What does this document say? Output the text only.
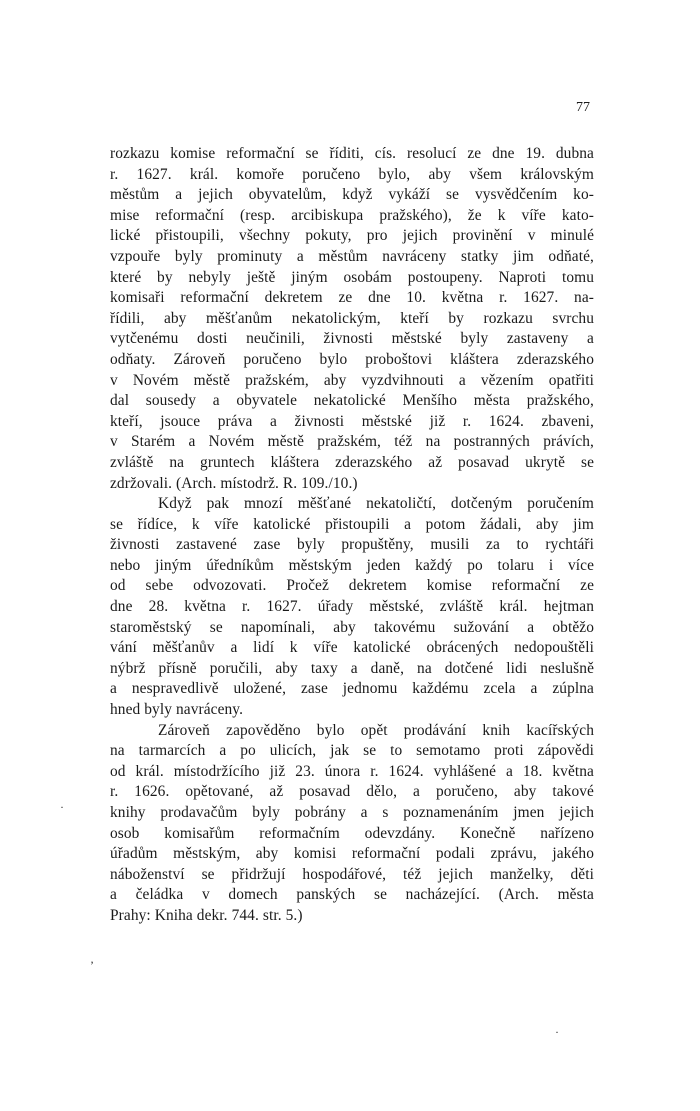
77
rozkazu komise reformační se říditi, cís. resolucí ze dne 19. dubna
r. 1627. král. komoře poručeno bylo, aby všem královským
městům a jejich obyvatelům, když vykáží se vysvědčením ko-
mise reformační (resp. arcibiskupa pražského), že k víře kato-
lické přistoupili, všechny pokuty, pro jejich provinění v minulé
vzpouře byly prominuty a městům navráceny statky jim odňaté,
které by nebyly ještě jiným osobám postoupeny. Naproti tomu
komisaři reformační dekretem ze dne 10. května r. 1627. na-
řídili, aby měšťanům nekatolickým, kteří by rozkazu svrchu
vytčenému dosti neučinili, živnosti městské byly zastaveny a
odňaty. Zároveň poručeno bylo proboštovi kláštera zderazského
v Novém městě pražském, aby vyzdvihnouti a vězením opatřiti
dal sousedy a obyvatele nekatolické Menšího města pražského,
kteří, jsouce práva a živnosti městské již r. 1624. zbaveni,
v Starém a Novém městě pražském, též na postranných právích,
zvláště na gruntech kláštera zderazského až posavad ukrytě se
zdržovali. (Arch. místodrž. R. 109./10.)
Když pak mnozí měšťané nekatoličtí, dotčeným poručením
se řídíce, k víře katolické přistoupili a potom žádali, aby jim
živnosti zastavené zase byly propuštěny, musili za to rychtáři
nebo jiným úředníkům městským jeden každý po tolaru i více
od sebe odvozovati. Pročež dekretem komise reformační ze
dne 28. května r. 1627. úřady městské, zvláště král. hejtman
staroměstský se napomínali, aby takovému sužování a obtěžo
vání měšťanův a lidí k víře katolické obrácených nedopouštěli
nýbrž přísně poručili, aby taxy a daně, na dotčené lidi neslušně
a nespravedlivě uložené, zase jednomu každému zcela a zúplna
hned byly navráceny.
Zároveň zapověděno bylo opět prodávání knih kacířských
na tarmarcích a po ulicích, jak se to semotamo proti zápovědi
od král. místodržícího již 23. února r. 1624. vyhlášené a 18. května
r. 1626. opětované, až posavad dělo, a poručeno, aby takové
knihy prodavačům byly pobrány a s poznamenáním jmen jejich
osob komisařům reformačním odevzdány. Konečně nařízeno
úřadům městským, aby komisi reformační podali zprávu, jakého
náboženství se přidržují hospodářové, též jejich manželky, děti
a čeládka v domech panských se nacházející. (Arch. města
Prahy: Kniha dekr. 744. str. 5.)
·
’
·
